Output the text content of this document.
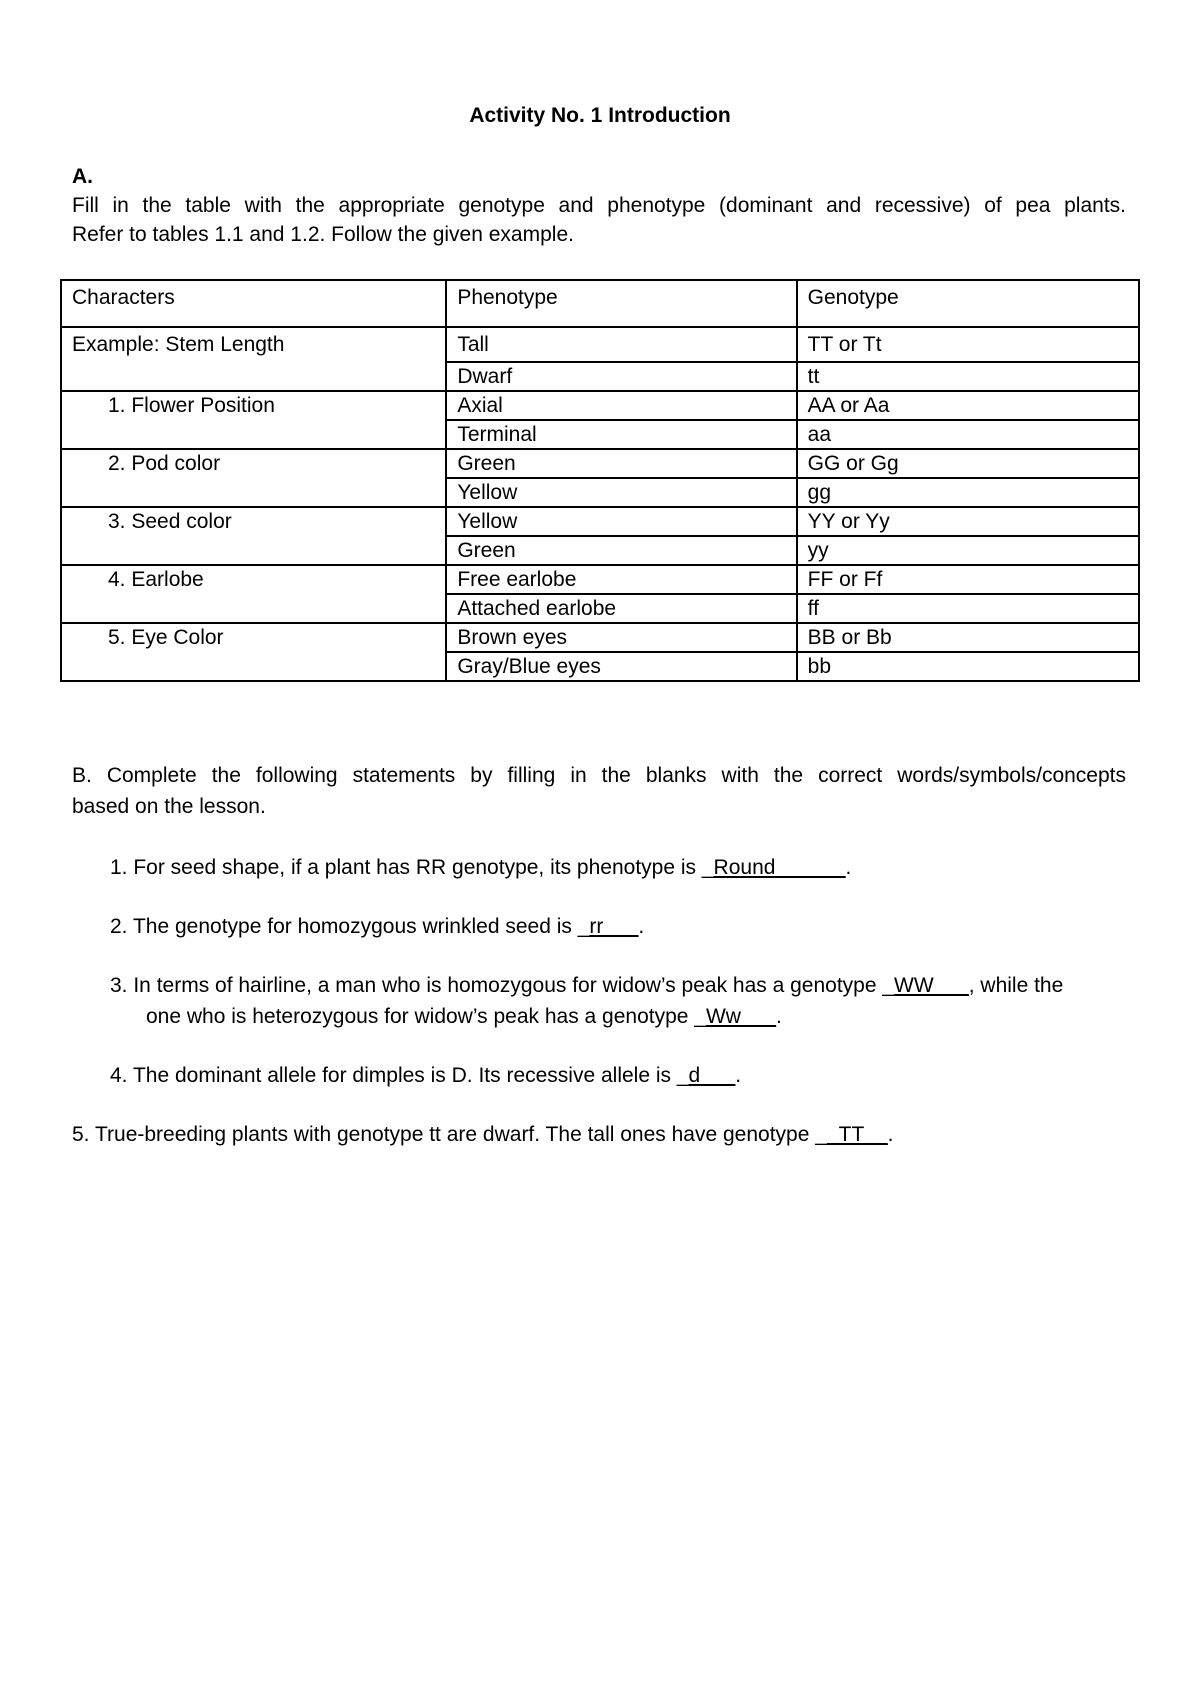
Activity No. 1 Introduction
A.
Fill in the table with the appropriate genotype and phenotype (dominant and recessive) of pea plants.
Refer to tables 1.1 and 1.2. Follow the given example.
Characters	Phenotype	Genotype
Example: Stem Length	Tall	TT or Tt
	Dwarf	tt
1. Flower Position	Axial	AA or Aa
	Terminal	aa
2. Pod color	Green	GG or Gg
	Yellow	gg
3. Seed color	Yellow	YY or Yy
	Green	yy
4. Earlobe	Free earlobe	FF or Ff
	Attached earlobe	ff
5. Eye Color	Brown eyes	BB or Bb
	Gray/Blue eyes	bb
B. Complete the following statements by filling in the blanks with the correct words/symbols/concepts
based on the lesson.
1. For seed shape, if a plant has RR genotype, its phenotype is _Round______.
2. The genotype for homozygous wrinkled seed is _rr___.
3. In terms of hairline, a man who is homozygous for widow’s peak has a genotype _WW___, while the
one who is heterozygous for widow’s peak has a genotype _Ww___.
4. The dominant allele for dimples is D. Its recessive allele is _d___.
5. True-breeding plants with genotype tt are dwarf. The tall ones have genotype __TT__.
